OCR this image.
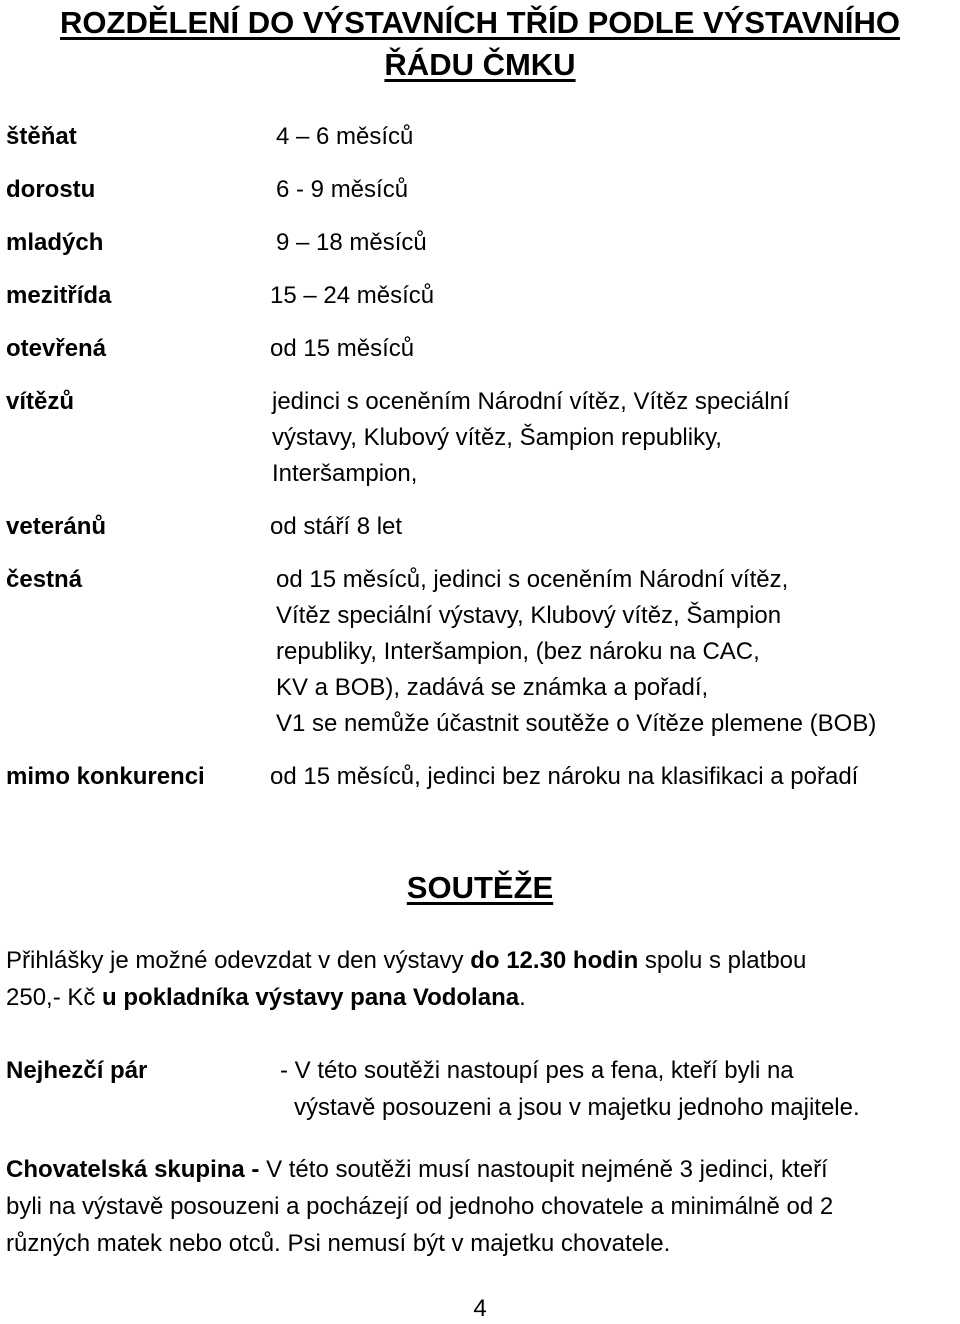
ROZDĚLENÍ DO VÝSTAVNÍCH TŘÍD PODLE VÝSTAVNÍHO
ŘÁDU ČMKU
štěňat	4 – 6 měsíců
dorostu	6 - 9 měsíců
mladých	9 – 18 měsíců
mezitřída	15 – 24 měsíců
otevřená	od 15 měsíců
vítězů	jedinci s oceněním Národní vítěz, Vítěz speciální
výstavy, Klubový vítěz, Šampion republiky,
Interšampion,
veteránů	od stáří 8 let
čestná	od 15 měsíců, jedinci s oceněním Národní vítěz,
Vítěz speciální výstavy, Klubový vítěz, Šampion
republiky, Interšampion, (bez nároku na CAC,
KV a BOB), zadává se známka a pořadí,
V1 se nemůže účastnit soutěže o Vítěze plemene (BOB)
mimo konkurenci	od 15 měsíců, jedinci bez nároku na klasifikaci a pořadí
SOUTĚŽE
Přihlášky je možné odevzdat v den výstavy do 12.30 hodin spolu s platbou
250,- Kč u pokladníka výstavy pana Vodolana.
Nejhezčí pár	- V této soutěži nastoupí pes a fena, kteří byli na
výstavě posouzeni a jsou v majetku jednoho majitele.
Chovatelská skupina - V této soutěži musí nastoupit nejméně 3 jedinci, kteří
byli na výstavě posouzeni a pocházejí od jednoho chovatele a minimálně od 2
různých matek nebo otců. Psi nemusí být v majetku chovatele.
4
